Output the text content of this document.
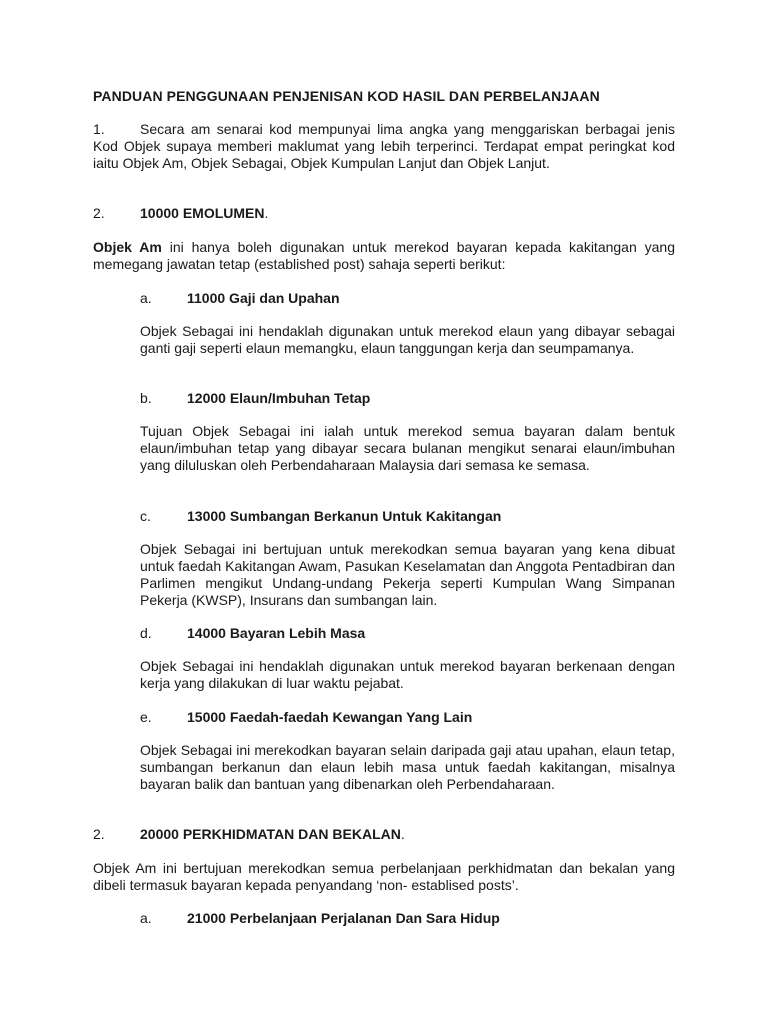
PANDUAN PENGGUNAAN PENJENISAN KOD HASIL DAN PERBELANJAAN
1.	Secara am senarai kod mempunyai lima angka yang menggariskan berbagai jenis Kod Objek supaya memberi maklumat yang lebih terperinci. Terdapat empat peringkat kod iaitu Objek Am, Objek Sebagai, Objek Kumpulan Lanjut dan Objek Lanjut.
2.	10000 EMOLUMEN.
Objek Am ini hanya boleh digunakan untuk merekod bayaran kepada kakitangan yang memegang jawatan tetap (established post) sahaja seperti berikut:
a.	11000 Gaji dan Upahan
Objek Sebagai ini hendaklah digunakan untuk merekod elaun yang dibayar sebagai ganti gaji seperti elaun memangku, elaun tanggungan kerja dan seumpamanya.
b.	12000 Elaun/Imbuhan Tetap
Tujuan Objek Sebagai ini ialah untuk merekod semua bayaran dalam bentuk elaun/imbuhan tetap yang dibayar secara bulanan mengikut senarai elaun/imbuhan yang diluluskan oleh Perbendaharaan Malaysia dari semasa ke semasa.
c.	13000 Sumbangan Berkanun Untuk Kakitangan
Objek Sebagai ini bertujuan untuk merekodkan semua bayaran yang kena dibuat untuk faedah Kakitangan Awam, Pasukan Keselamatan dan Anggota Pentadbiran dan Parlimen mengikut Undang-undang Pekerja seperti Kumpulan Wang Simpanan Pekerja (KWSP), Insurans dan sumbangan lain.
d.	14000 Bayaran Lebih Masa
Objek Sebagai ini hendaklah digunakan untuk merekod bayaran berkenaan dengan kerja yang dilakukan di luar waktu pejabat.
e.	15000 Faedah-faedah Kewangan Yang Lain
Objek Sebagai ini merekodkan bayaran selain daripada gaji atau upahan, elaun tetap, sumbangan berkanun dan elaun lebih masa untuk faedah kakitangan, misalnya bayaran balik dan bantuan yang dibenarkan oleh Perbendaharaan.
2.	20000 PERKHIDMATAN DAN BEKALAN.
Objek Am ini bertujuan merekodkan semua perbelanjaan perkhidmatan dan bekalan yang dibeli termasuk bayaran kepada penyandang ‘non- establised posts’.
a.	21000 Perbelanjaan Perjalanan Dan Sara Hidup
